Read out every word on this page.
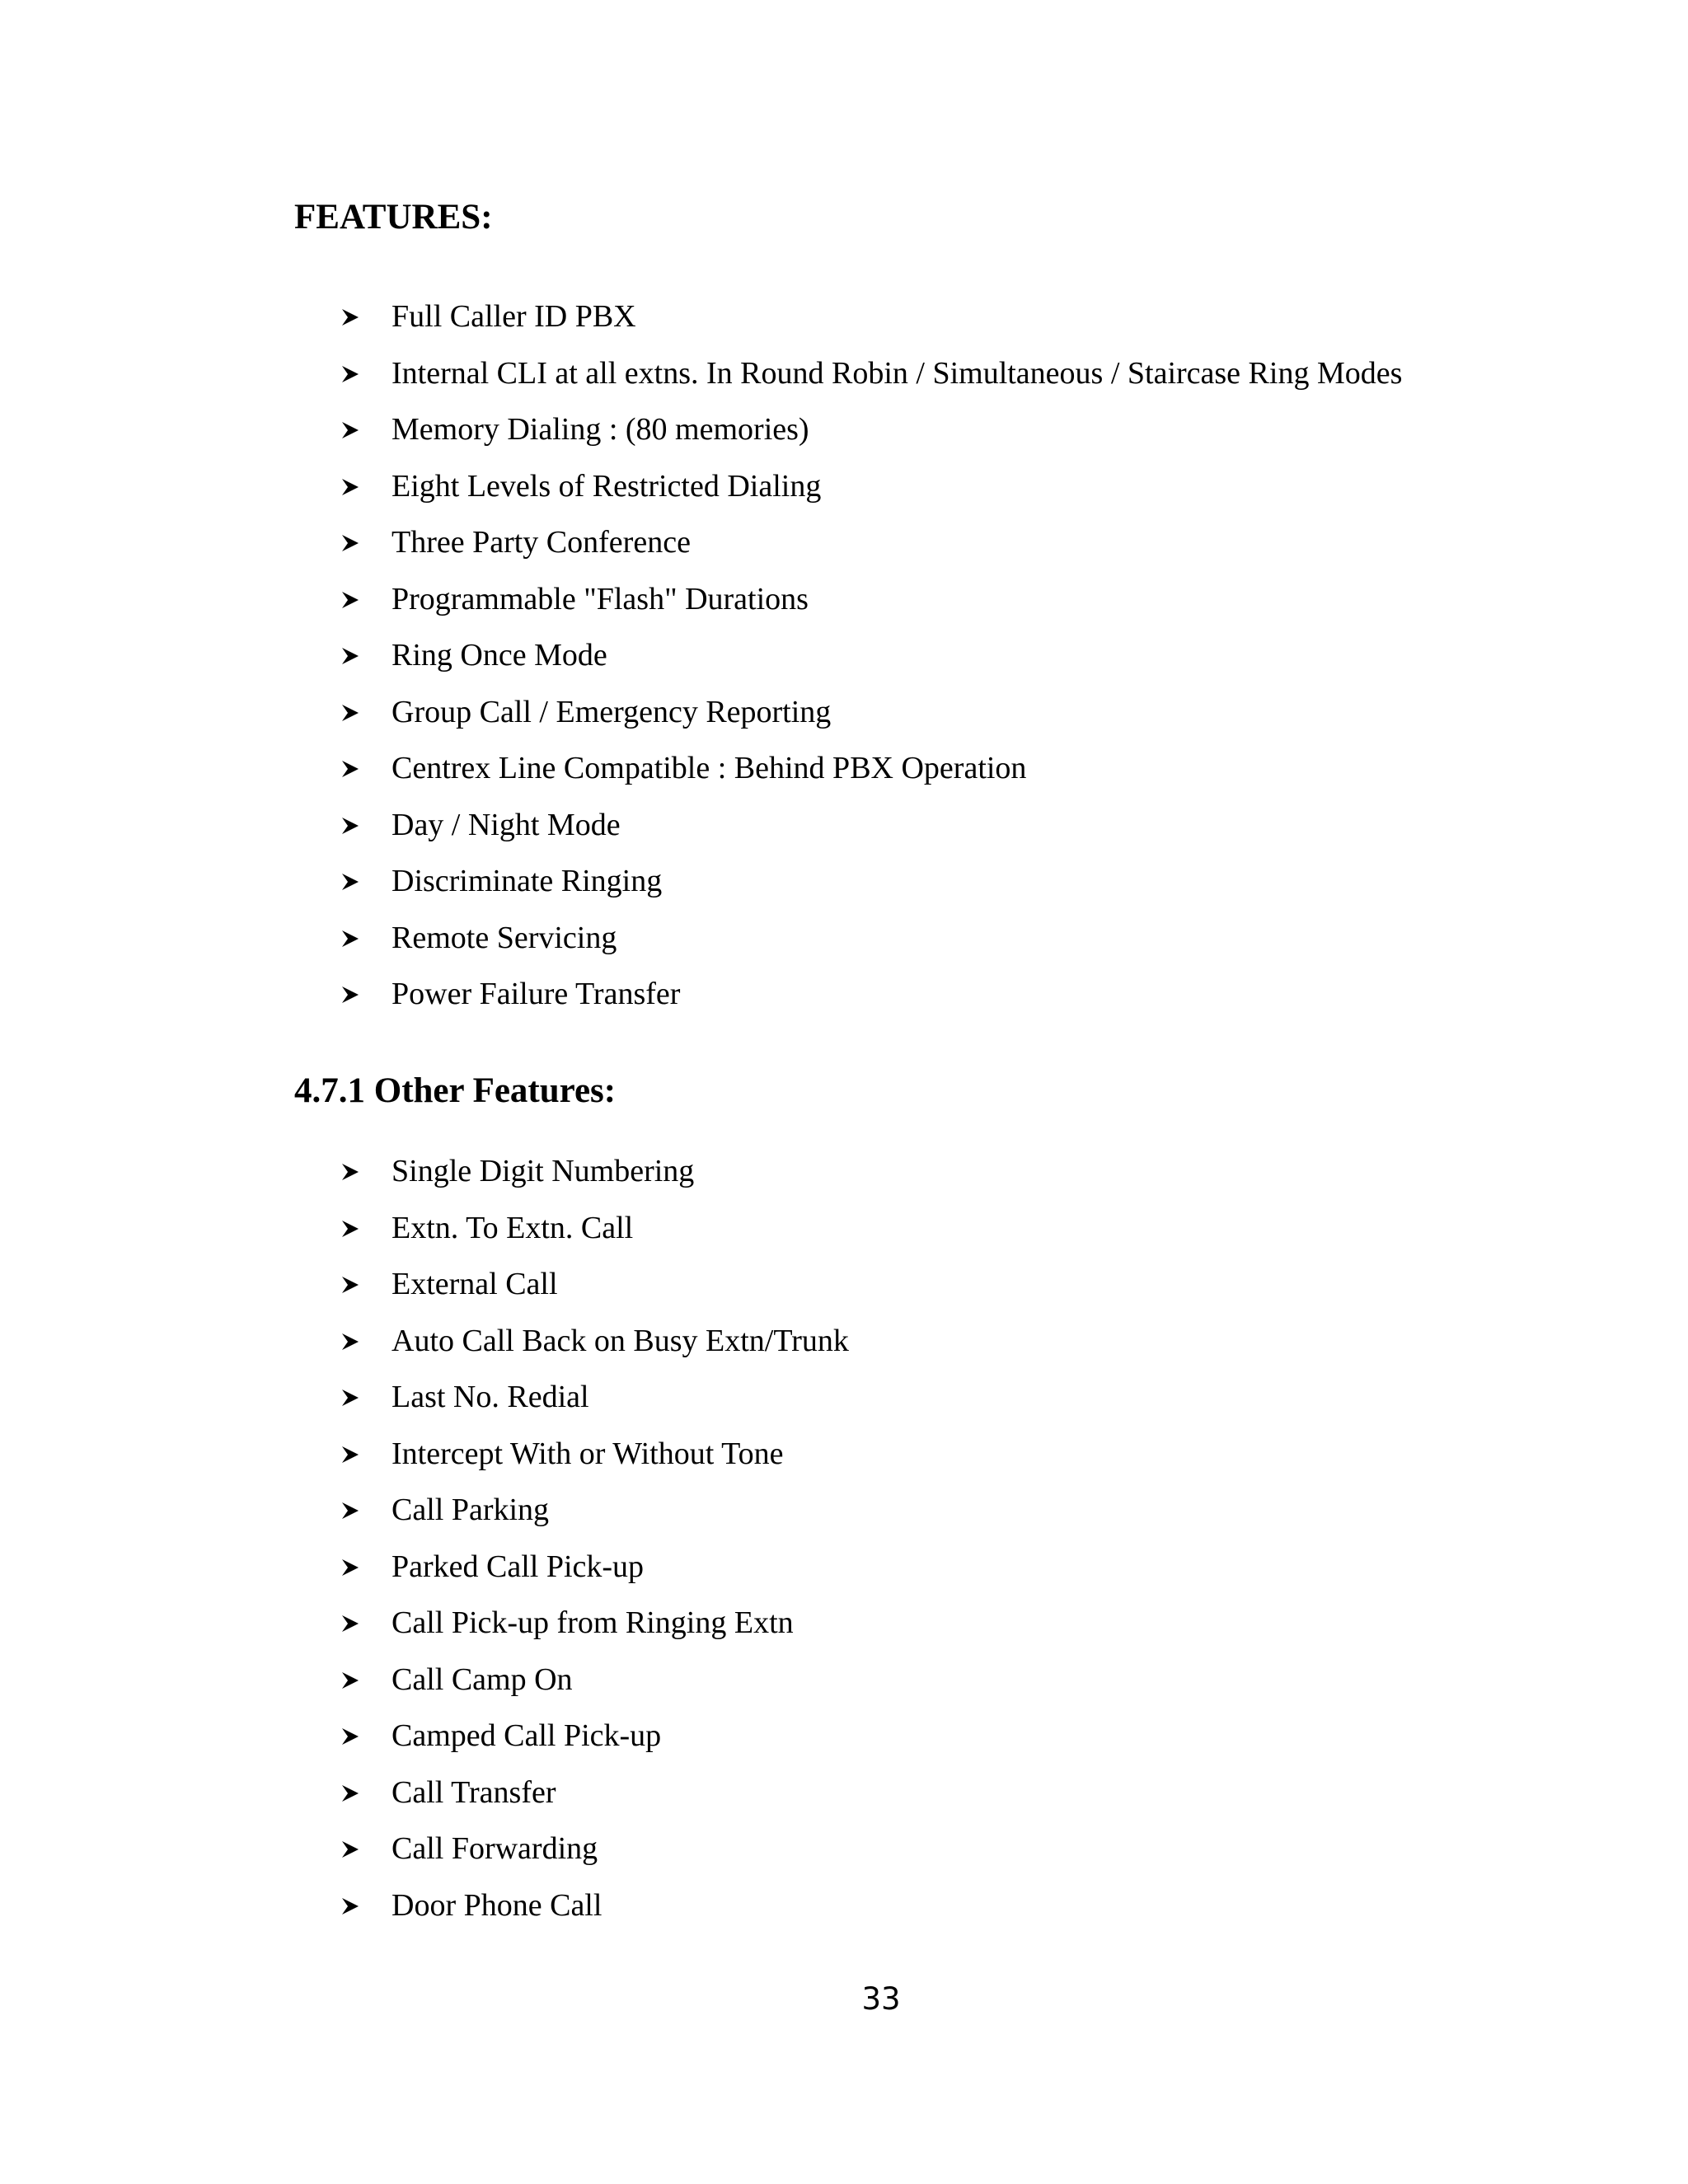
FEATURES:
Full Caller ID PBX
Internal CLI at all extns. In Round Robin / Simultaneous / Staircase Ring Modes
Memory Dialing : (80 memories)
Eight Levels of Restricted Dialing
Three Party Conference
Programmable "Flash" Durations
Ring Once Mode
Group Call / Emergency Reporting
Centrex Line Compatible : Behind PBX Operation
Day / Night Mode
Discriminate Ringing
Remote Servicing
Power Failure Transfer
4.7.1 Other Features:
Single Digit Numbering
Extn. To Extn. Call
External Call
Auto Call Back on Busy Extn/Trunk
Last No. Redial
Intercept With or Without Tone
Call Parking
Parked Call Pick-up
Call Pick-up from Ringing Extn
Call Camp On
Camped Call Pick-up
Call Transfer
Call Forwarding
Door Phone Call
33
